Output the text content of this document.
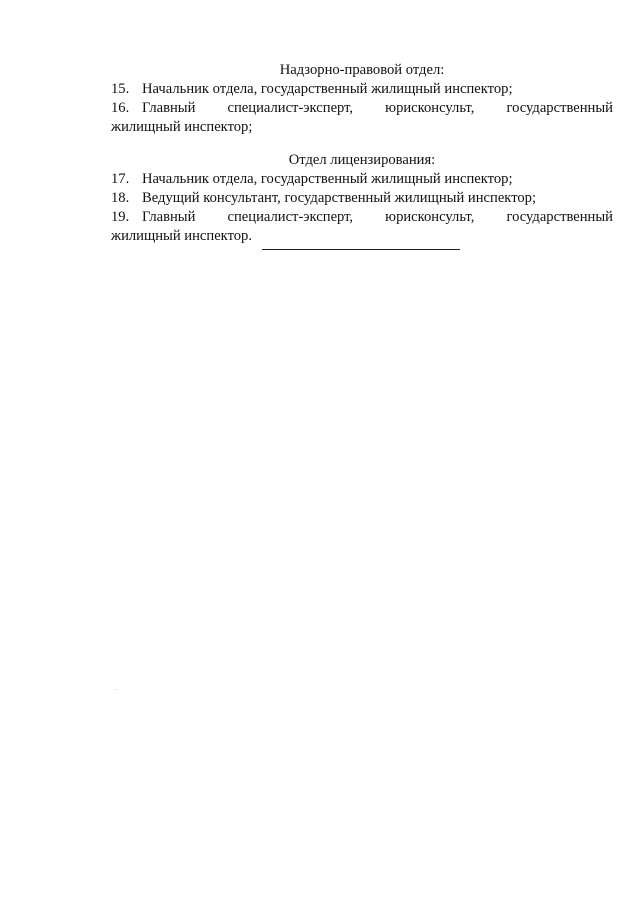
Надзорно-правовой отдел:

15. Начальник отдела, государственный жилищный инспектор;
16. Главный специалист-эксперт, юрисконсульт, государственный
жилищный инспектор;

Отдел лицензирования:

17. Начальник отдела, государственный жилищный инспектор;
18. Ведущий консультант, государственный жилищный инспектор;
19. Главный специалист-эксперт, юрисконсульт, государственный
жилищный инспектор.
